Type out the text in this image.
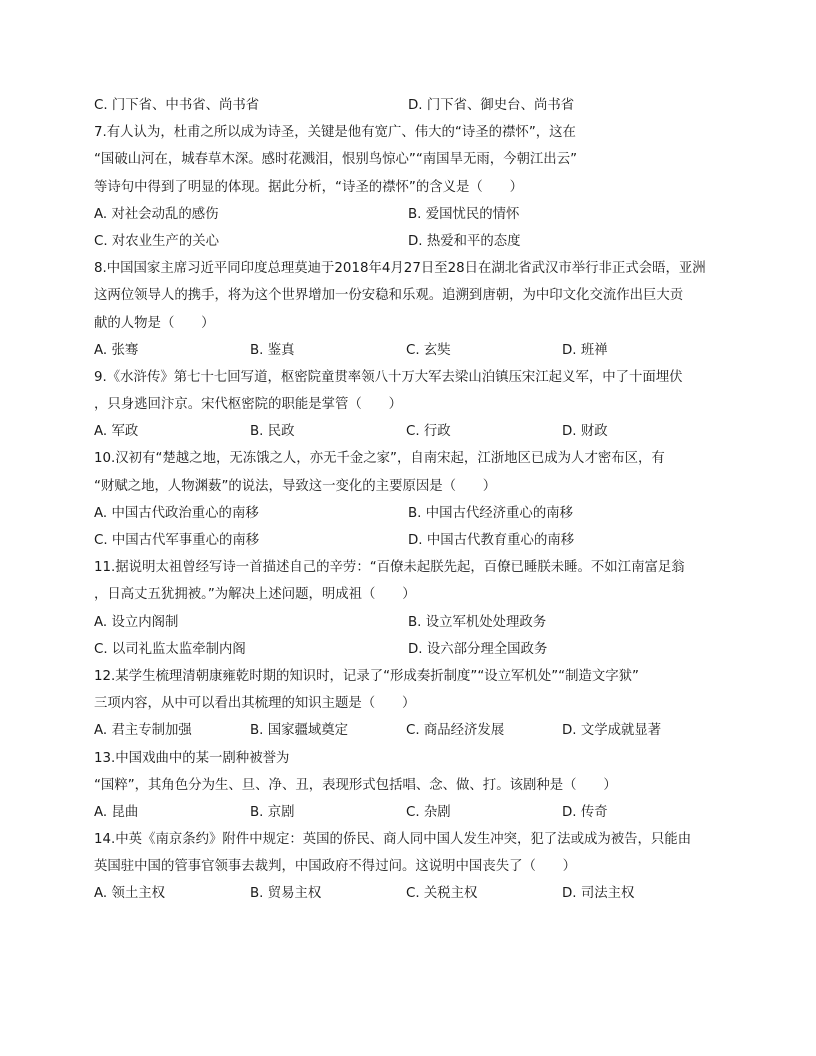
C. 门下省、中书省、尚书省	D. 门下省、御史台、尚书省
7.有人认为，杜甫之所以成为诗圣，关键是他有宽广、伟大的“诗圣的襟怀”，这在
“国破山河在，城春草木深。感时花溅泪，恨别鸟惊心”“南国旱无雨，今朝江出云”
等诗句中得到了明显的体现。据此分析，“诗圣的襟怀”的含义是（　　）
A. 对社会动乱的感伤	B. 爱国忧民的情怀
C. 对农业生产的关心	D. 热爱和平的态度
8.中国国家主席习近平同印度总理莫迪于2018年4月27日至28日在湖北省武汉市举行非正式会晤，亚洲
这两位领导人的携手，将为这个世界增加一份安稳和乐观。追溯到唐朝，为中印文化交流作出巨大贡
献的人物是（　　）
A. 张骞	B. 鉴真	C. 玄奘	D. 班禅
9.《水浒传》第七十七回写道，枢密院童贯率领八十万大军去梁山泊镇压宋江起义军，中了十面埋伏
，只身逃回汴京。宋代枢密院的职能是掌管（　　）
A. 军政	B. 民政	C. 行政	D. 财政
10.汉初有“楚越之地，无冻饿之人，亦无千金之家”，自南宋起，江浙地区已成为人才密布区，有
“财赋之地，人物渊薮”的说法，导致这一变化的主要原因是（　　）
A. 中国古代政治重心的南移	B. 中国古代经济重心的南移
C. 中国古代军事重心的南移	D. 中国古代教育重心的南移
11.据说明太祖曾经写诗一首描述自己的辛劳：“百僚未起朕先起，百僚已睡朕未睡。不如江南富足翁
，日高丈五犹拥被。”为解决上述问题，明成祖（　　）
A. 设立内阁制	B. 设立军机处处理政务
C. 以司礼监太监牵制内阁	D. 设六部分理全国政务
12.某学生梳理清朝康雍乾时期的知识时，记录了“形成奏折制度”“设立军机处”“制造文字狱”
三项内容，从中可以看出其梳理的知识主题是（　　）
A. 君主专制加强	B. 国家疆域奠定	C. 商品经济发展	D. 文学成就显著
13.中国戏曲中的某一剧种被誉为
“国粹”，其角色分为生、旦、净、丑，表现形式包括唱、念、做、打。该剧种是（　　）
A. 昆曲	B. 京剧	C. 杂剧	D. 传奇
14.中英《南京条约》附件中规定：英国的侨民、商人同中国人发生冲突，犯了法或成为被告，只能由
英国驻中国的管事官领事去裁判，中国政府不得过问。这说明中国丧失了（　　）
A. 领土主权	B. 贸易主权	C. 关税主权	D. 司法主权
